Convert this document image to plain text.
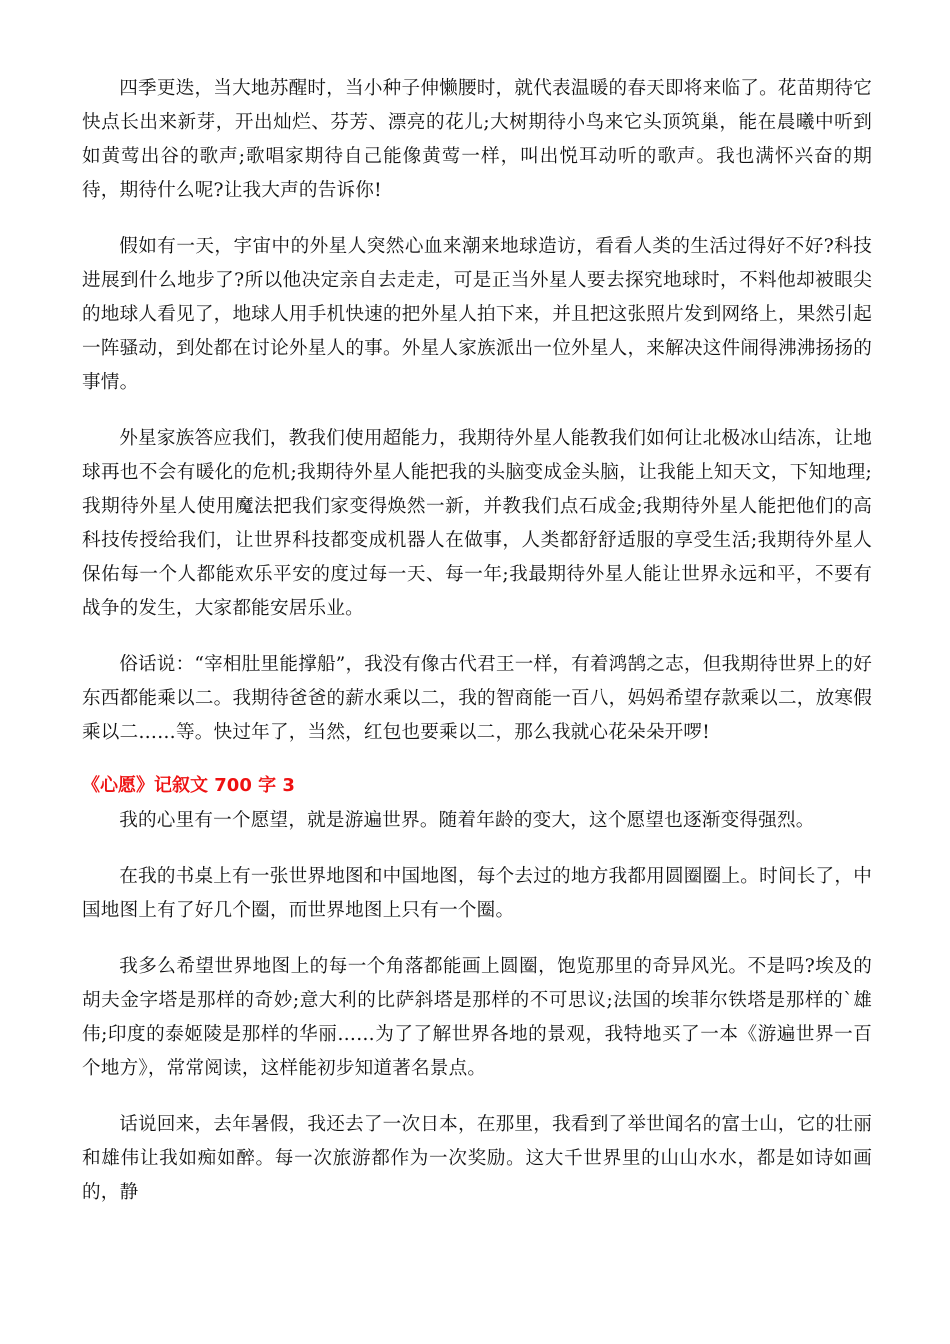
四季更迭，当大地苏醒时，当小种子伸懒腰时，就代表温暖的春天即将来临了。花苗期待它快点长出来新芽，开出灿烂、芬芳、漂亮的花儿;大树期待小鸟来它头顶筑巢，能在晨曦中听到如黄莺出谷的歌声;歌唱家期待自己能像黄莺一样，叫出悦耳动听的歌声。我也满怀兴奋的期待，期待什么呢?让我大声的告诉你!

假如有一天，宇宙中的外星人突然心血来潮来地球造访，看看人类的生活过得好不好?科技进展到什么地步了?所以他决定亲自去走走，可是正当外星人要去探究地球时，不料他却被眼尖的地球人看见了，地球人用手机快速的把外星人拍下来，并且把这张照片发到网络上，果然引起一阵骚动，到处都在讨论外星人的事。外星人家族派出一位外星人，来解决这件闹得沸沸扬扬的事情。

外星家族答应我们，教我们使用超能力，我期待外星人能教我们如何让北极冰山结冻，让地球再也不会有暖化的危机;我期待外星人能把我的头脑变成金头脑，让我能上知天文，下知地理;我期待外星人使用魔法把我们家变得焕然一新，并教我们点石成金;我期待外星人能把他们的高科技传授给我们，让世界科技都变成机器人在做事，人类都舒舒适服的享受生活;我期待外星人保佑每一个人都能欢乐平安的度过每一天、每一年;我最期待外星人能让世界永远和平，不要有战争的发生，大家都能安居乐业。

俗话说：“宰相肚里能撑船”，我没有像古代君王一样，有着鸿鹄之志，但我期待世界上的好东西都能乘以二。我期待爸爸的薪水乘以二，我的智商能一百八，妈妈希望存款乘以二，放寒假乘以二……等。快过年了，当然，红包也要乘以二，那么我就心花朵朵开啰!

《心愿》记叙文 700 字 3

我的心里有一个愿望，就是游遍世界。随着年龄的变大，这个愿望也逐渐变得强烈。

在我的书桌上有一张世界地图和中国地图，每个去过的地方我都用圆圈圈上。时间长了，中国地图上有了好几个圈，而世界地图上只有一个圈。

我多么希望世界地图上的每一个角落都能画上圆圈，饱览那里的奇异风光。不是吗?埃及的胡夫金字塔是那样的奇妙;意大利的比萨斜塔是那样的不可思议;法国的埃菲尔铁塔是那样的`雄伟;印度的泰姬陵是那样的华丽……为了了解世界各地的景观，我特地买了一本《游遍世界一百个地方》，常常阅读，这样能初步知道著名景点。

话说回来，去年暑假，我还去了一次日本，在那里，我看到了举世闻名的富士山，它的壮丽和雄伟让我如痴如醉。每一次旅游都作为一次奖励。这大千世界里的山山水水，都是如诗如画的，静
